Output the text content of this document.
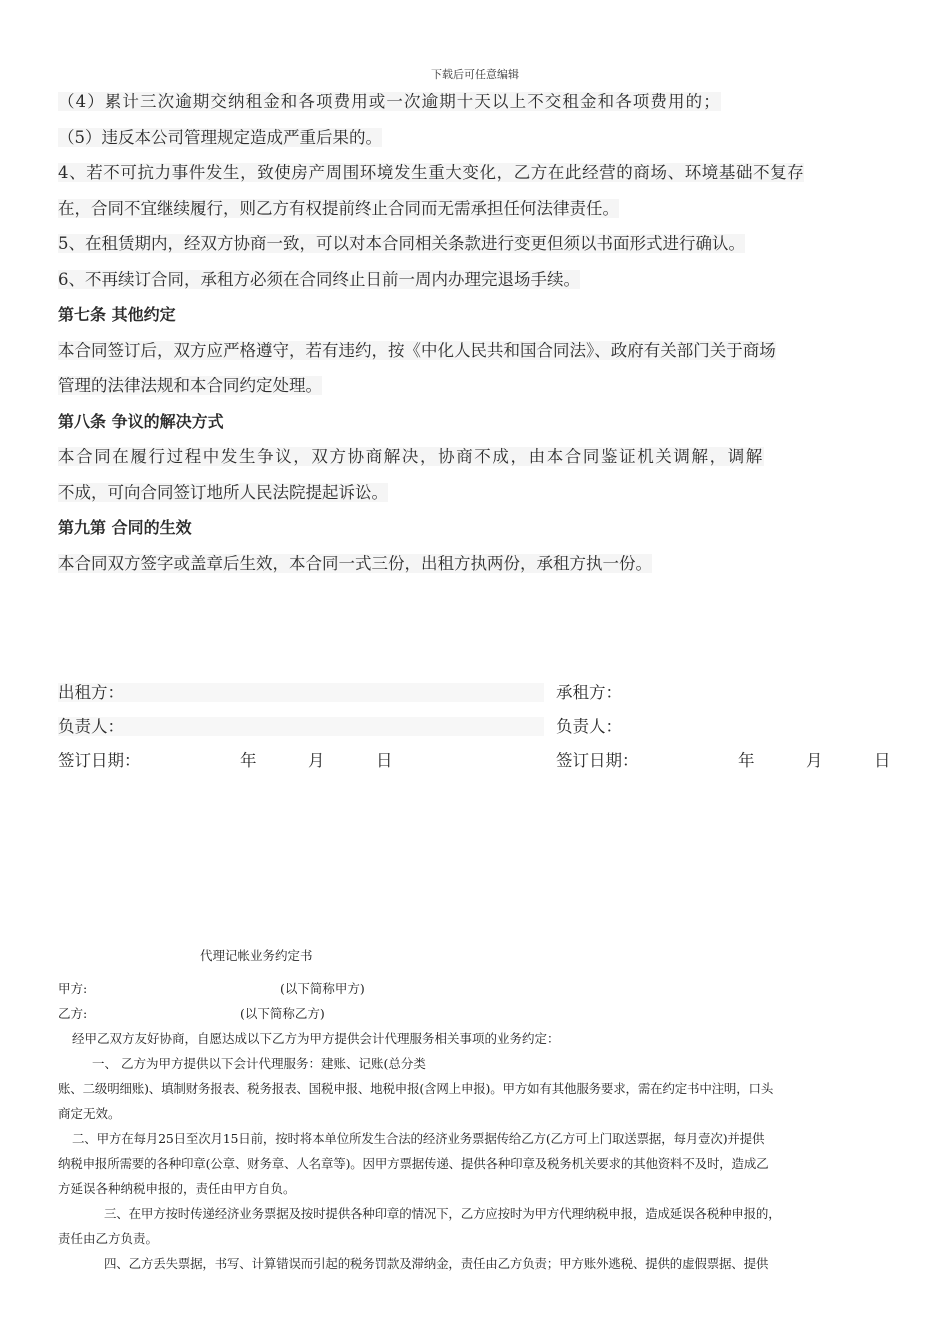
下载后可任意编辑
（4）累计三次逾期交纳租金和各项费用或一次逾期十天以上不交租金和各项费用的；
（5）违反本公司管理规定造成严重后果的。
4、若不可抗力事件发生，致使房产周围环境发生重大变化，乙方在此经营的商场、环境基础不复存
在，合同不宜继续履行，则乙方有权提前终止合同而无需承担任何法律责任。
5、在租赁期内，经双方协商一致，可以对本合同相关条款进行变更但须以书面形式进行确认。
6、不再续订合同，承租方必须在合同终止日前一周内办理完退场手续。
第七条 其他约定
本合同签订后，双方应严格遵守，若有违约，按《中化人民共和国合同法》、政府有关部门关于商场
管理的法律法规和本合同约定处理。
第八条 争议的解决方式
本合同在履行过程中发生争议，双方协商解决，协商不成，由本合同鉴证机关调解，调解
不成，可向合同签订地所人民法院提起诉讼。
第九第 合同的生效
本合同双方签字或盖章后生效，本合同一式三份，出租方执两份，承租方执一份。
出租方：
负责人：
签订日期：	年	月	日
承租方：
负责人：
签订日期：	年	月	日
代理记帐业务约定书
甲方:	(以下简称甲方)
乙方:	(以下简称乙方)
经甲乙双方友好协商，自愿达成以下乙方为甲方提供会计代理服务相关事项的业务约定：
一、 乙方为甲方提供以下会计代理服务：建账、记账(总分类
账、二级明细账)、填制财务报表、税务报表、国税申报、地税申报(含网上申报)。甲方如有其他服务要求，需在约定书中注明，口头
商定无效。
二、甲方在每月25日至次月15日前，按时将本单位所发生合法的经济业务票据传给乙方(乙方可上门取送票据，每月壹次)并提供
纳税申报所需要的各种印章(公章、财务章、人名章等)。因甲方票据传递、提供各种印章及税务机关要求的其他资料不及时，造成乙
方延误各种纳税申报的，责任由甲方自负。
三、在甲方按时传递经济业务票据及按时提供各种印章的情况下，乙方应按时为甲方代理纳税申报，造成延误各税种申报的，
责任由乙方负责。
四、乙方丢失票据，书写、计算错误而引起的税务罚款及滞纳金，责任由乙方负责；甲方账外逃税、提供的虚假票据、提供
